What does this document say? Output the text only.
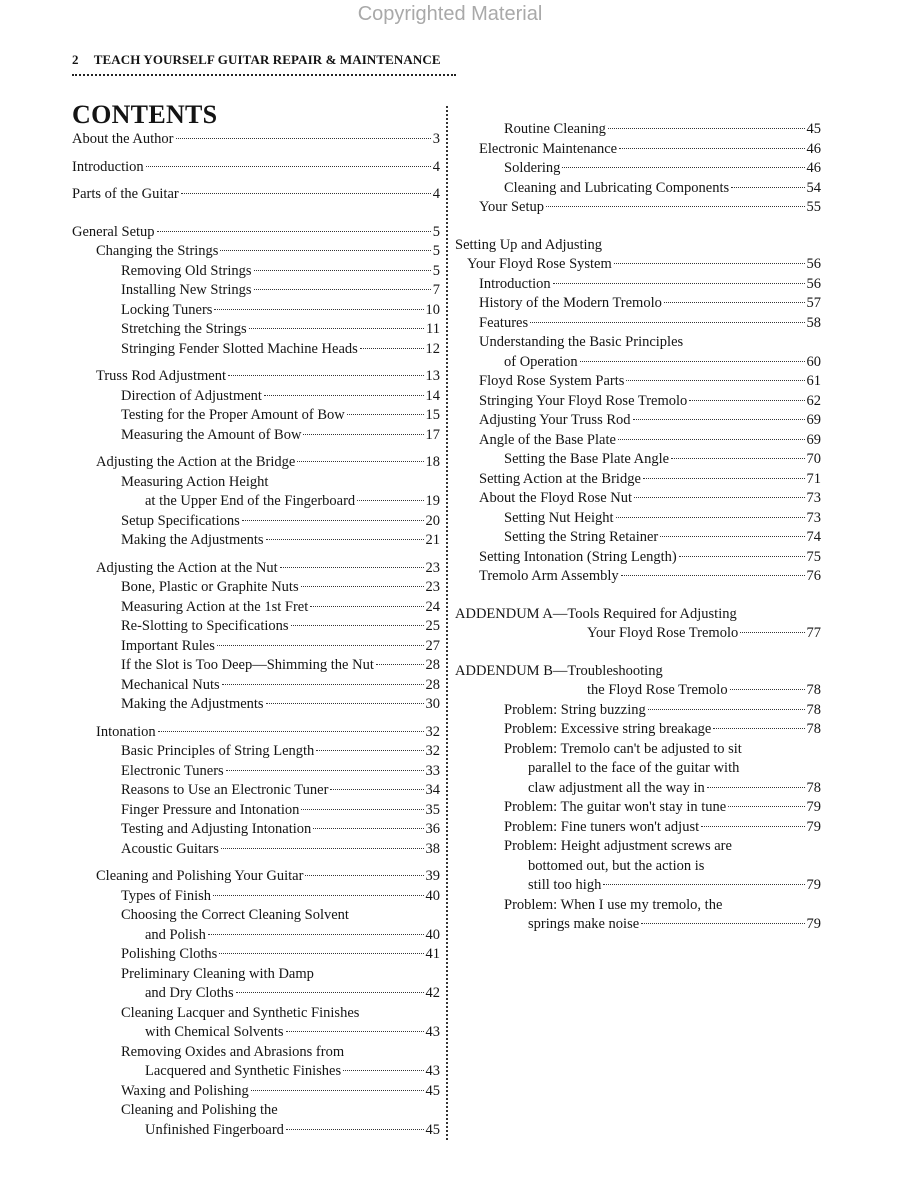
Copyrighted Material
2 TEACH YOURSELF GUITAR REPAIR & MAINTENANCE
CONTENTS
About the Author	3
Introduction	4
Parts of the Guitar	4
General Setup	5
Changing the Strings	5
Removing Old Strings	5
Installing New Strings	7
Locking Tuners	10
Stretching the Strings	11
Stringing Fender Slotted Machine Heads	12
Truss Rod Adjustment	13
Direction of Adjustment	14
Testing for the Proper Amount of Bow	15
Measuring the Amount of Bow	17
Adjusting the Action at the Bridge	18
Measuring Action Height
at the Upper End of the Fingerboard	19
Setup Specifications	20
Making the Adjustments	21
Adjusting the Action at the Nut	23
Bone, Plastic or Graphite Nuts	23
Measuring Action at the 1st Fret	24
Re-Slotting to Specifications	25
Important Rules	27
If the Slot is Too Deep—Shimming the Nut	28
Mechanical Nuts	28
Making the Adjustments	30
Intonation	32
Basic Principles of String Length	32
Electronic Tuners	33
Reasons to Use an Electronic Tuner	34
Finger Pressure and Intonation	35
Testing and Adjusting Intonation	36
Acoustic Guitars	38
Cleaning and Polishing Your Guitar	39
Types of Finish	40
Choosing the Correct Cleaning Solvent
and Polish	40
Polishing Cloths	41
Preliminary Cleaning with Damp
and Dry Cloths	42
Cleaning Lacquer and Synthetic Finishes
with Chemical Solvents	43
Removing Oxides and Abrasions from
Lacquered and Synthetic Finishes	43
Waxing and Polishing	45
Cleaning and Polishing the
Unfinished Fingerboard	45
Routine Cleaning	45
Electronic Maintenance	46
Soldering	46
Cleaning and Lubricating Components	54
Your Setup	55
Setting Up and Adjusting
Your Floyd Rose System	56
Introduction	56
History of the Modern Tremolo	57
Features	58
Understanding the Basic Principles
of Operation	60
Floyd Rose System Parts	61
Stringing Your Floyd Rose Tremolo	62
Adjusting Your Truss Rod	69
Angle of the Base Plate	69
Setting the Base Plate Angle	70
Setting Action at the Bridge	71
About the Floyd Rose Nut	73
Setting Nut Height	73
Setting the String Retainer	74
Setting Intonation (String Length)	75
Tremolo Arm Assembly	76
ADDENDUM A—Tools Required for Adjusting
Your Floyd Rose Tremolo	77
ADDENDUM B—Troubleshooting
the Floyd Rose Tremolo	78
Problem: String buzzing	78
Problem: Excessive string breakage	78
Problem: Tremolo can't be adjusted to sit
parallel to the face of the guitar with
claw adjustment all the way in	78
Problem: The guitar won't stay in tune	79
Problem: Fine tuners won't adjust	79
Problem: Height adjustment screws are
bottomed out, but the action is
still too high	79
Problem: When I use my tremolo, the
springs make noise	79
